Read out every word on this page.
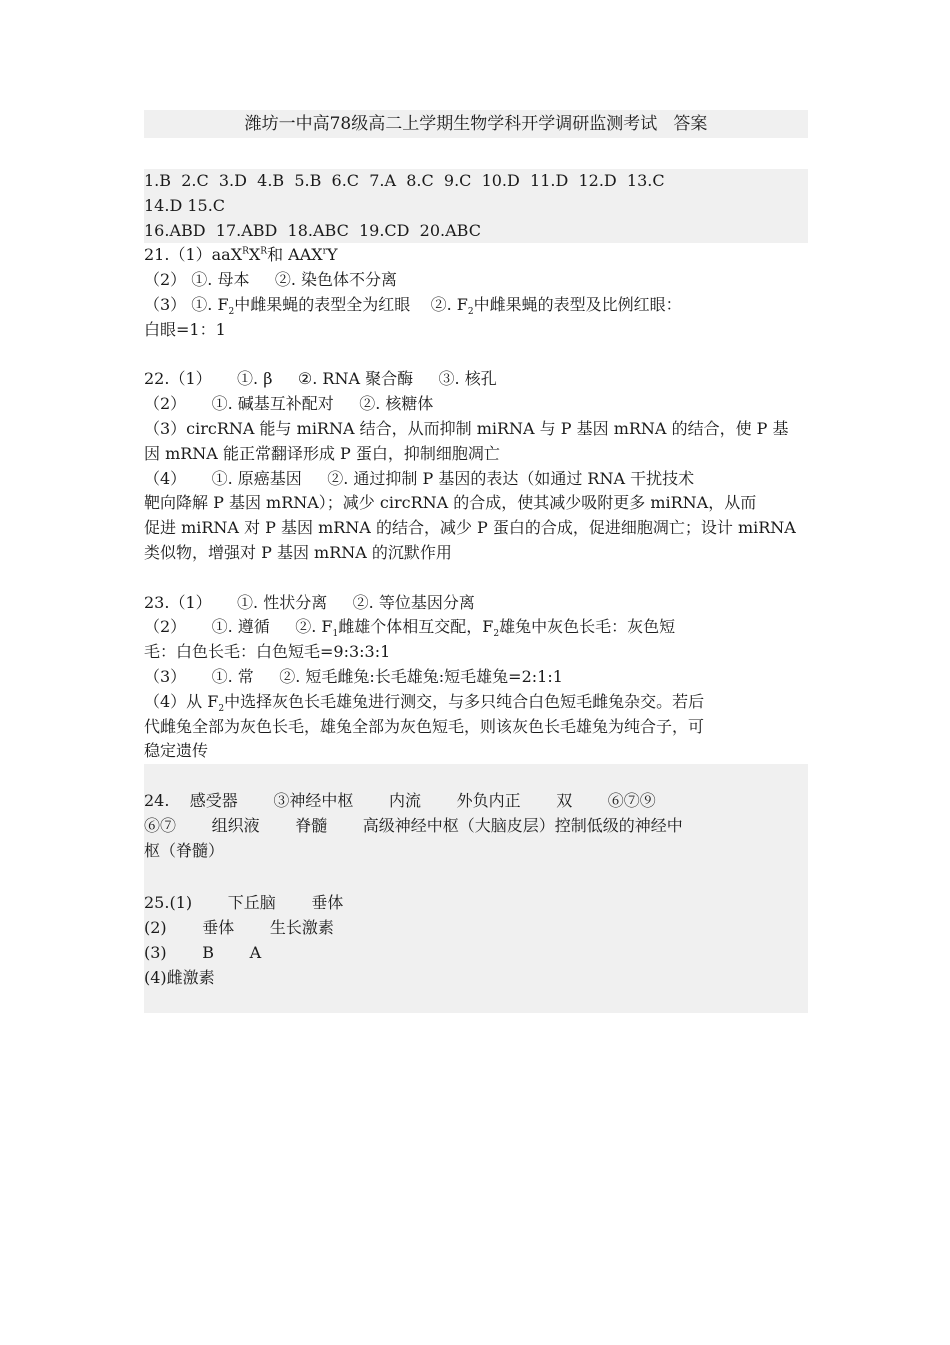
潍坊一中高78级高二上学期生物学科开学调研监测考试   答案
1.B  2.C  3.D  4.B  5.B  6.C  7.A  8.C  9.C  10.D  11.D  12.D  13.C
14.D 15.C
16.ABD  17.ABD  18.ABC  19.CD  20.ABC
$21.(1)aaX^RX^R$和 AAX$^r$Y
（2） ①. 母本     ②. 染色体不分离
（3） ①. $F_2$中雌果蝇的表型全为红眼    ②. $F_2$中雌果蝇的表型及比例红眼：
白眼=1：1
22.（1）     ①. β     ②. RNA 聚合酶     ③. 核孔
（2）     ①. 碱基互补配对     ②. 核糖体
（3）circRNA 能与 miRNA 结合，从而抑制 miRNA 与 P 基因 mRNA 的结合，使 P 基
因 mRNA 能正常翻译形成 P 蛋白，抑制细胞凋亡
（4）     ①. 原癌基因     ②. 通过抑制 P 基因的表达（如通过 RNA 干扰技术
靶向降解 P 基因 mRNA）；减少 circRNA 的合成，使其减少吸附更多 miRNA，从而
促进 miRNA 对 P 基因 mRNA 的结合，减少 P 蛋白的合成，促进细胞凋亡；设计 miRNA
类似物，增强对 P 基因 mRNA 的沉默作用
23.（1）     ①. 性状分离     ②. 等位基因分离
（2）     ①. 遵循     ②. $F_1$雌雄个体相互交配，$F_2$雄兔中灰色长毛：灰色短
毛：白色长毛：白色短毛=9:3:3:1
（3）     ①. 常     ②. 短毛雌兔:长毛雄兔:短毛雄兔=2:1:1
（4）从 $F_2$中选择灰色长毛雄兔进行测交，与多只纯合白色短毛雌兔杂交。若后
代雌兔全部为灰色长毛，雄兔全部为灰色短毛，则该灰色长毛雄兔为纯合子，可
稳定遗传
24.    感受器       ③神经中枢       内流       外负内正       双       ⑥⑦⑨
⑥⑦       组织液       脊髓       高级神经中枢（大脑皮层）控制低级的神经中
枢（脊髓）
25.(1)       下丘脑       垂体
(2)       垂体       生长激素
(3)       B       A
(4)雌激素
